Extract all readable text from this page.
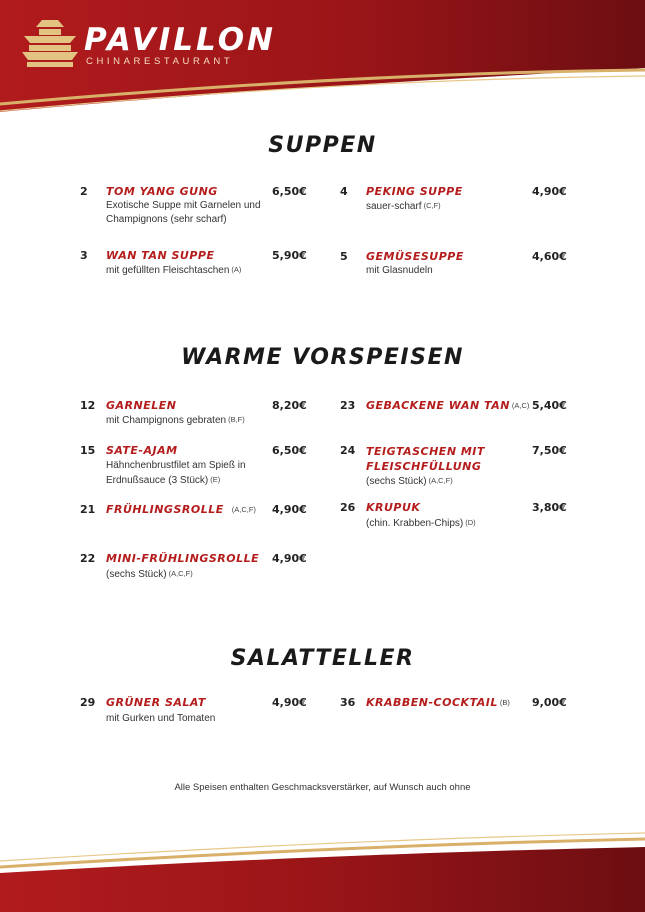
PAVILLON
CHINARESTAURANT
SUPPEN
2 TOM YANG GUNG	6,50€
Exotische Suppe mit Garnelen und Champignons (sehr scharf)
4 PEKING SUPPE	4,90€
sauer-scharf (C,F)
3 WAN TAN SUPPE	5,90€
mit gefüllten Fleischtaschen (A)
5 GEMÜSESUPPE	4,60€
mit Glasnudeln
WARME VORSPEISEN
12 GARNELEN	8,20€
mit Champignons gebraten (B,F)
23 GEBACKENE WAN TAN (A,C) 5,40€
15 SATE-AJAM	6,50€
Hähnchenbrustfilet am Spieß in Erdnußsauce (3 Stück) (E)
24 TEIGTASCHEN MIT FLEISCHFÜLLUNG
7,50€
(sechs Stück) (A,C,F)
21 FRÜHLINGSROLLE (A,C,F) 4,90€	26 KRUPUK	3,80€
(chin. Krabben-Chips) (D)
22 MINI-FRÜHLINGSROLLE 4,90€
(sechs Stück) (A,C,F)
SALATTELLER
29 GRÜNER SALAT	4,90€
mit Gurken und Tomaten
36 KRABBEN-COCKTAIL (B) 9,00€
Alle Speisen enthalten Geschmacksverstärker, auf Wunsch auch ohne
